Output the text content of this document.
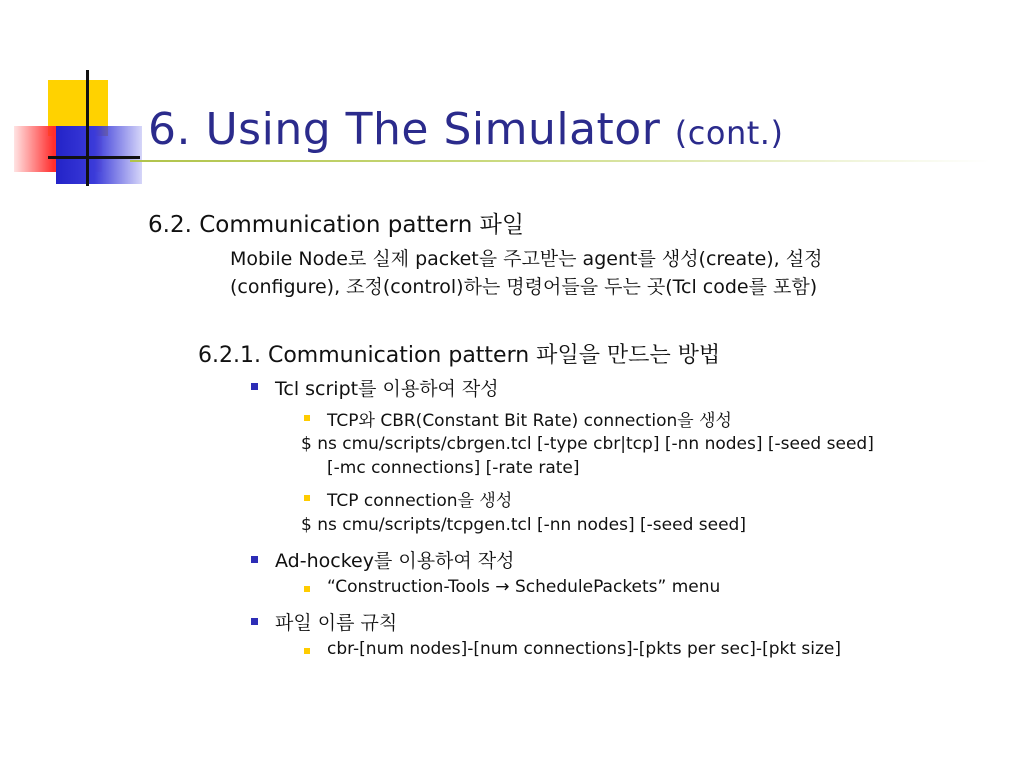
6. Using The Simulator (cont.)

6.2. Communication pattern 파일

Mobile Node로 실제 packet을 주고받는 agent를 생성(create), 설정

(configure), 조정(control)하는 명령어들을 두는 곳(Tcl code를 포함)

6.2.1. Communication pattern 파일을 만드는 방법

Tcl script를 이용하여 작성

TCP와 CBR(Constant Bit Rate) connection을 생성

$ ns cmu/scripts/cbrgen.tcl [-type cbr|tcp] [-nn nodes] [-seed seed]

[-mc connections] [-rate rate]

TCP connection을 생성

$ ns cmu/scripts/tcpgen.tcl [-nn nodes] [-seed seed]

Ad-hockey를 이용하여 작성

“Construction-Tools → SchedulePackets” menu

파일 이름 규칙

cbr-[num nodes]-[num connections]-[pkts per sec]-[pkt size]
